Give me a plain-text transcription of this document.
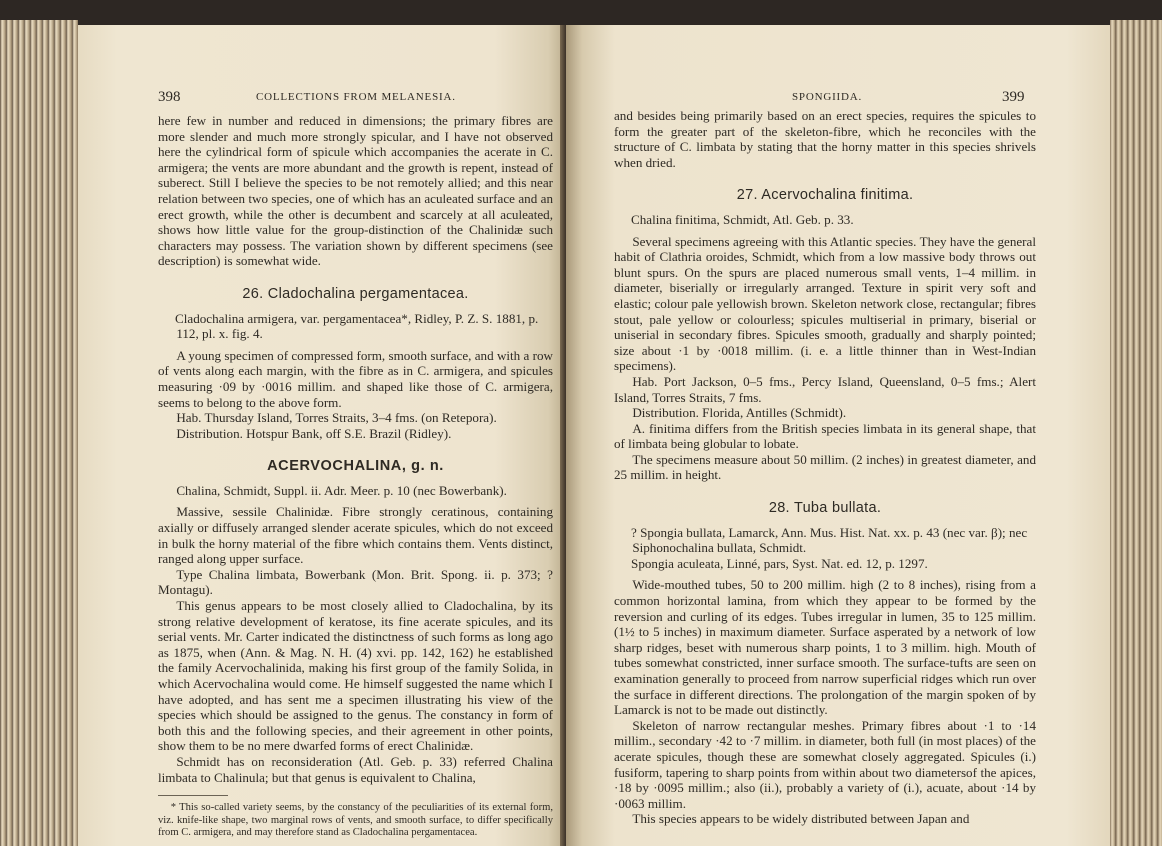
398	COLLECTIONS FROM MELANESIA.

here few in number and reduced in dimensions; the primary fibres are more slender and much more strongly spicular, and I have not observed here the cylindrical form of spicule which accompanies the acerate in C. armigera; the vents are more abundant and the growth is repent, instead of suberect. Still I believe the species to be not remotely allied; and this near relation between two species, one of which has an aculeated surface and an erect growth, while the other is decumbent and scarcely at all aculeated, shows how little value for the group-distinction of the Chalinidæ such characters may possess. The variation shown by different specimens (see description) is somewhat wide.

26. Cladochalina pergamentacea.

Cladochalina armigera, var. pergamentacea*, Ridley, P. Z. S. 1881, p. 112, pl. x. fig. 4.

A young specimen of compressed form, smooth surface, and with a row of vents along each margin, with the fibre as in C. armigera, and spicules measuring ·09 by ·0016 millim. and shaped like those of C. armigera, seems to belong to the above form.

Hab. Thursday Island, Torres Straits, 3–4 fms. (on Retepora).

Distribution. Hotspur Bank, off S.E. Brazil (Ridley).

ACERVOCHALINA, g. n.

Chalina, Schmidt, Suppl. ii. Adr. Meer. p. 10 (nec Bowerbank).

Massive, sessile Chalinidæ. Fibre strongly ceratinous, containing axially or diffusely arranged slender acerate spicules, which do not exceed in bulk the horny material of the fibre which contains them. Vents distinct, ranged along upper surface.

Type Chalina limbata, Bowerbank (Mon. Brit. Spong. ii. p. 373; ? Montagu).

This genus appears to be most closely allied to Cladochalina, by its strong relative development of keratose, its fine acerate spicules, and its serial vents. Mr. Carter indicated the distinctness of such forms as long ago as 1875, when (Ann. & Mag. N. H. (4) xvi. pp. 142, 162) he established the family Acervochalinida, making his first group of the family Solida, in which Acervochalina would come. He himself suggested the name which I have adopted, and has sent me a specimen illustrating his view of the species which should be assigned to the genus. The constancy in form of both this and the following species, and their agreement in other points, show them to be no mere dwarfed forms of erect Chalinidæ.

Schmidt has on reconsideration (Atl. Geb. p. 33) referred Chalina limbata to Chalinula; but that genus is equivalent to Chalina,

* This so-called variety seems, by the constancy of the peculiarities of its external form, viz. knife-like shape, two marginal rows of vents, and smooth surface, to differ specifically from C. armigera, and may therefore stand as Cladochalina pergamentacea.

SPONGIIDA.	399

and besides being primarily based on an erect species, requires the spicules to form the greater part of the skeleton-fibre, which he reconciles with the structure of C. limbata by stating that the horny matter in this species shrivels when dried.

27. Acervochalina finitima.

Chalina finitima, Schmidt, Atl. Geb. p. 33.

Several specimens agreeing with this Atlantic species. They have the general habit of Clathria oroides, Schmidt, which from a low massive body throws out blunt spurs. On the spurs are placed numerous small vents, 1–4 millim. in diameter, biserially or irregularly arranged. Texture in spirit very soft and elastic; colour pale yellowish brown. Skeleton network close, rectangular; fibres stout, pale yellow or colourless; spicules multiserial in primary, biserial or uniserial in secondary fibres. Spicules smooth, gradually and sharply pointed; size about ·1 by ·0018 millim. (i. e. a little thinner than in West-Indian specimens).

Hab. Port Jackson, 0–5 fms., Percy Island, Queensland, 0–5 fms.; Alert Island, Torres Straits, 7 fms.

Distribution. Florida, Antilles (Schmidt).

A. finitima differs from the British species limbata in its general shape, that of limbata being globular to lobate.

The specimens measure about 50 millim. (2 inches) in greatest diameter, and 25 millim. in height.

28. Tuba bullata.

? Spongia bullata, Lamarck, Ann. Mus. Hist. Nat. xx. p. 43 (nec var. β); nec Siphonochalina bullata, Schmidt.

Spongia aculeata, Linné, pars, Syst. Nat. ed. 12, p. 1297.

Wide-mouthed tubes, 50 to 200 millim. high (2 to 8 inches), rising from a common horizontal lamina, from which they appear to be formed by the reversion and curling of its edges. Tubes irregular in lumen, 35 to 125 millim. (1½ to 5 inches) in maximum diameter. Surface asperated by a network of low sharp ridges, beset with numerous sharp points, 1 to 3 millim. high. Mouth of tubes somewhat constricted, inner surface smooth. The surface-tufts are seen on examination generally to proceed from narrow superficial ridges which run over the surface in different directions. The prolongation of the margin spoken of by Lamarck is not to be made out distinctly.

Skeleton of narrow rectangular meshes. Primary fibres about ·1 to ·14 millim., secondary ·42 to ·7 millim. in diameter, both full (in most places) of the acerate spicules, though these are somewhat closely aggregated. Spicules (i.) fusiform, tapering to sharp points from within about two diametersof the apices, ·18 by ·0095 millim.; also (ii.), probably a variety of (i.), acuate, about ·14 by ·0063 millim.

This species appears to be widely distributed between Japan and
